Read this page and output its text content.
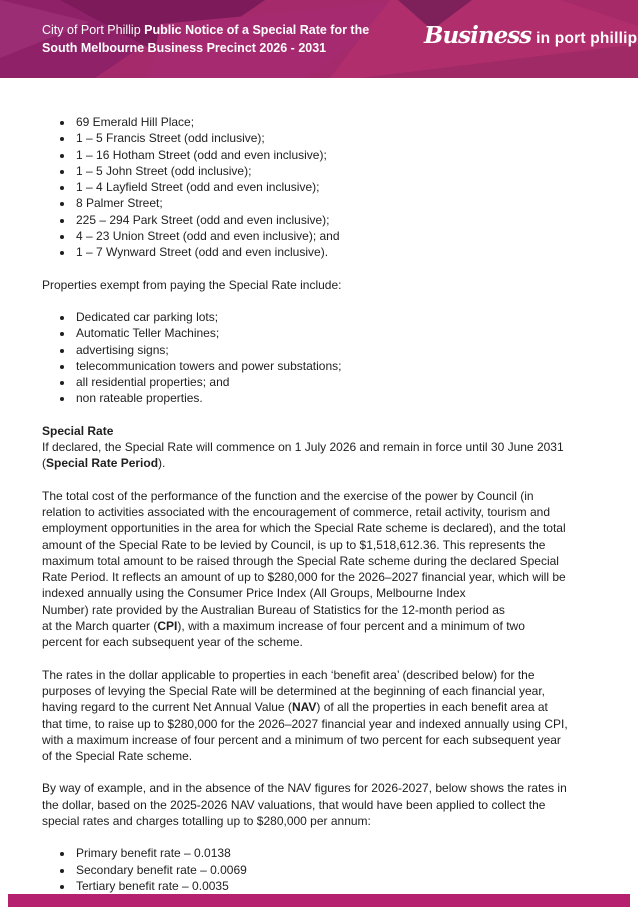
City of Port Phillip Public Notice of a Special Rate for the
South Melbourne Business Precinct 2026 - 2031	Business in port phillip
• 69 Emerald Hill Place;
• 1 – 5 Francis Street (odd inclusive);
• 1 – 16 Hotham Street (odd and even inclusive);
• 1 – 5 John Street (odd inclusive);
• 1 – 4 Layfield Street (odd and even inclusive);
• 8 Palmer Street;
• 225 – 294 Park Street (odd and even inclusive);
• 4 – 23 Union Street (odd and even inclusive); and
• 1 – 7 Wynward Street (odd and even inclusive).

Properties exempt from paying the Special Rate include:

• Dedicated car parking lots;
• Automatic Teller Machines;
• advertising signs;
• telecommunication towers and power substations;
• all residential properties; and
• non rateable properties.
Special Rate

If declared, the Special Rate will commence on 1 July 2026 and remain in force until 30 June 2031
(Special Rate Period).

The total cost of the performance of the function and the exercise of the power by Council (in
relation to activities associated with the encouragement of commerce, retail activity, tourism and
employment opportunities in the area for which the Special Rate scheme is declared), and the total
amount of the Special Rate to be levied by Council, is up to $1,518,612.36. This represents the
maximum total amount to be raised through the Special Rate scheme during the declared Special
Rate Period. It reflects an amount of up to $280,000 for the 2026–2027 financial year, which will be
indexed annually using the Consumer Price Index (All Groups, Melbourne Index
Number) rate provided by the Australian Bureau of Statistics for the 12-month period as
at the March quarter (CPI), with a maximum increase of four percent and a minimum of two
percent for each subsequent year of the scheme.

The rates in the dollar applicable to properties in each ‘benefit area’ (described below) for the
purposes of levying the Special Rate will be determined at the beginning of each financial year,
having regard to the current Net Annual Value (NAV) of all the properties in each benefit area at
that time, to raise up to $280,000 for the 2026–2027 financial year and indexed annually using CPI,
with a maximum increase of four percent and a minimum of two percent for each subsequent year
of the Special Rate scheme.

By way of example, and in the absence of the NAV figures for 2026-2027, below shows the rates in
the dollar, based on the 2025-2026 NAV valuations, that would have been applied to collect the
special rates and charges totalling up to $280,000 per annum:

• Primary benefit rate – 0.0138
• Secondary benefit rate – 0.0069
• Tertiary benefit rate – 0.0035
